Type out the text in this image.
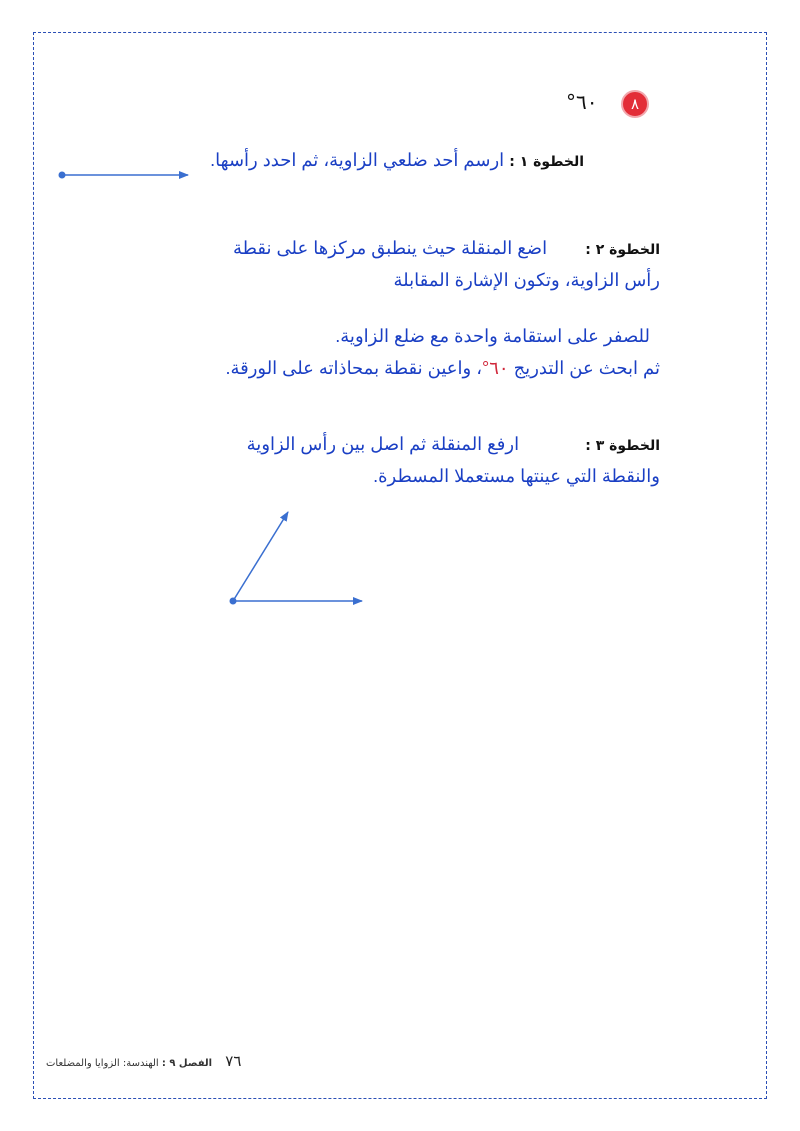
٨
°٦٠
الخطوة ١ : ارسم أحد ضلعي الزاوية، ثم احدد رأسها.
الخطوة ٢ :  اضع المنقلة حيث ينطبق مركزها على نقطة
رأس الزاوية، وتكون الإشارة المقابلة
للصفر على استقامة واحدة مع ضلع الزاوية.
ثم ابحث عن التدريج ٦٠°، واعين نقطة بمحاذاته على الورقة.
الخطوة ٣ :  ارفع المنقلة ثم اصل بين رأس الزاوية
والنقطة التي عينتها مستعملا المسطرة.
٧٦ الفصل ٩ : الهندسة: الزوايا والمضلعات
